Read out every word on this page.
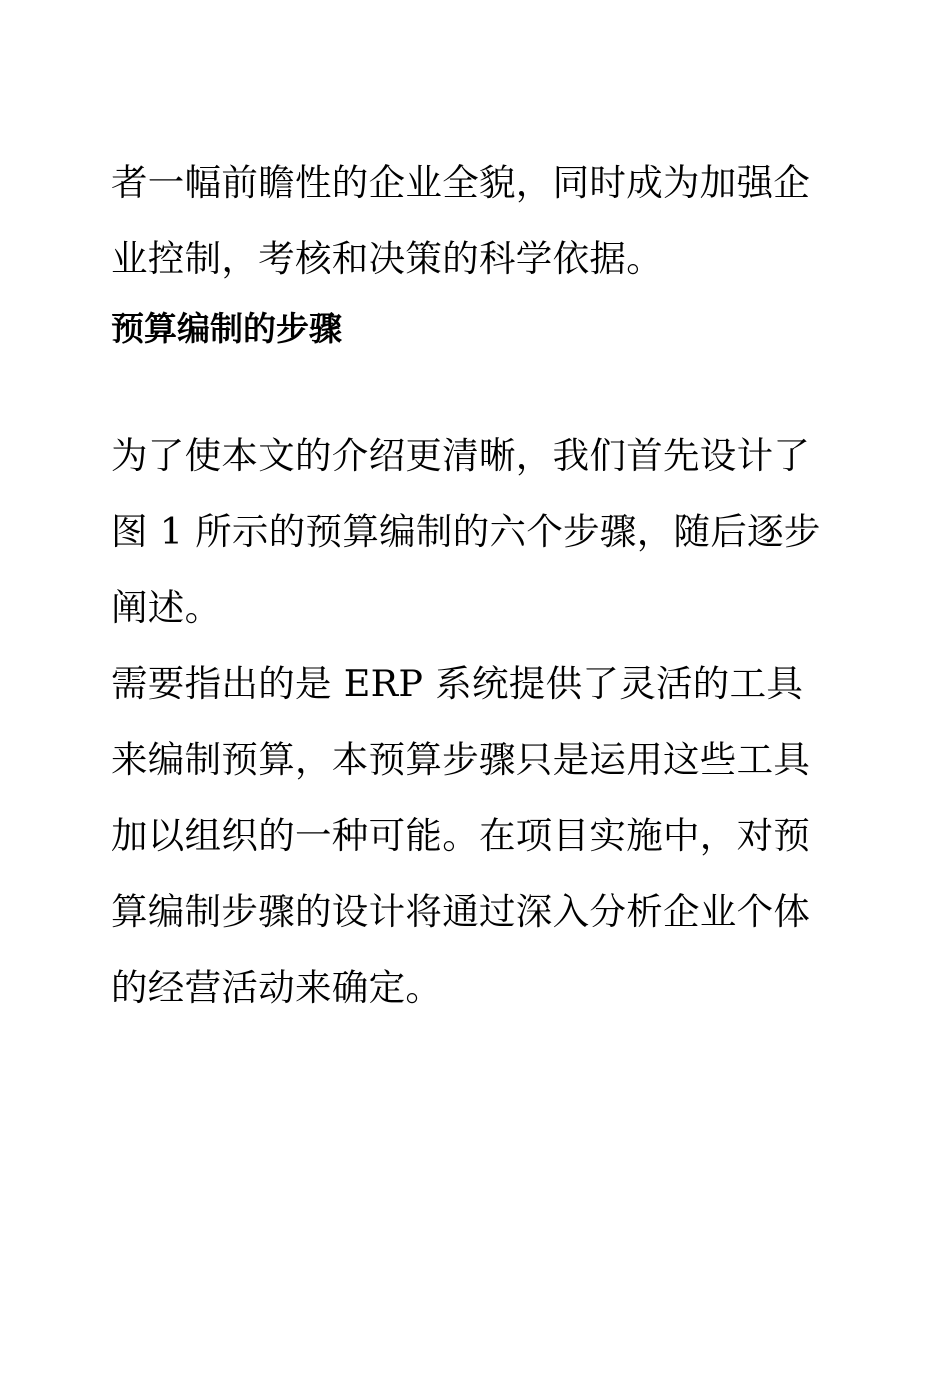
者一幅前瞻性的企业全貌，同时成为加强企
业控制，考核和决策的科学依据。
预算编制的步骤
为了使本文的介绍更清晰，我们首先设计了
图 1 所示的预算编制的六个步骤，随后逐步
阐述。
需要指出的是 ERP 系统提供了灵活的工具
来编制预算，本预算步骤只是运用这些工具
加以组织的一种可能。在项目实施中，对预
算编制步骤的设计将通过深入分析企业个体
的经营活动来确定。
